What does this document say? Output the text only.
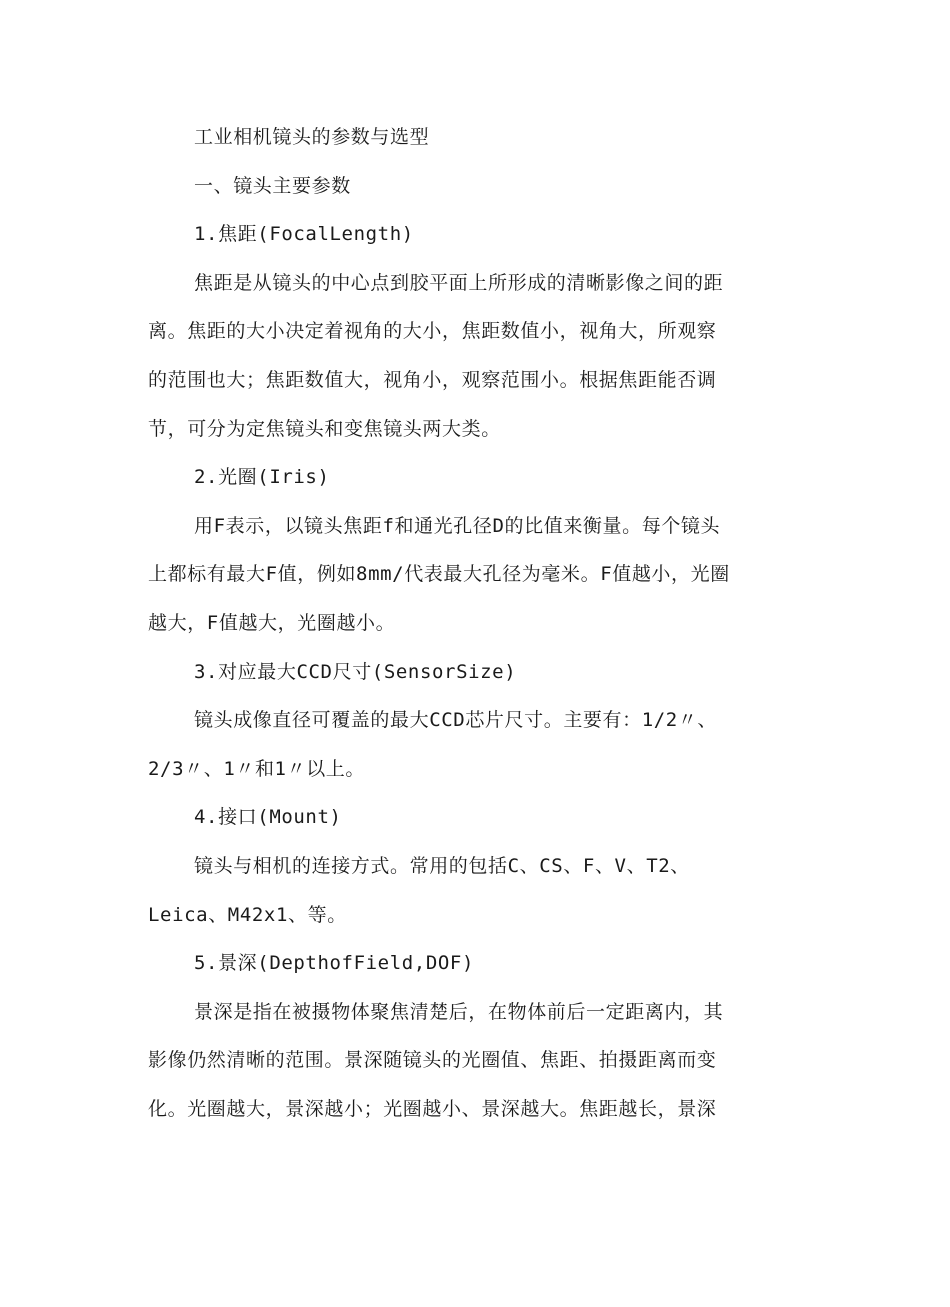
工业相机镜头的参数与选型
一、镜头主要参数
1.焦距(FocalLength)
焦距是从镜头的中心点到胶平面上所形成的清晰影像之间的距
离。焦距的大小决定着视角的大小，焦距数值小，视角大，所观察
的范围也大；焦距数值大，视角小，观察范围小。根据焦距能否调
节，可分为定焦镜头和变焦镜头两大类。
2.光圈(Iris)
用F表示，以镜头焦距f和通光孔径D的比值来衡量。每个镜头
上都标有最大F值，例如8mm/代表最大孔径为毫米。F值越小，光圈
越大，F值越大，光圈越小。
3.对应最大CCD尺寸(SensorSize)
镜头成像直径可覆盖的最大CCD芯片尺寸。主要有：1/2〃、
2/3〃、1〃和1〃以上。
4.接口(Mount)
镜头与相机的连接方式。常用的包括C、CS、F、V、T2、
Leica、M42x1、等。
5.景深(DepthofField,DOF)
景深是指在被摄物体聚焦清楚后，在物体前后一定距离内，其
影像仍然清晰的范围。景深随镜头的光圈值、焦距、拍摄距离而变
化。光圈越大，景深越小；光圈越小、景深越大。焦距越长，景深
